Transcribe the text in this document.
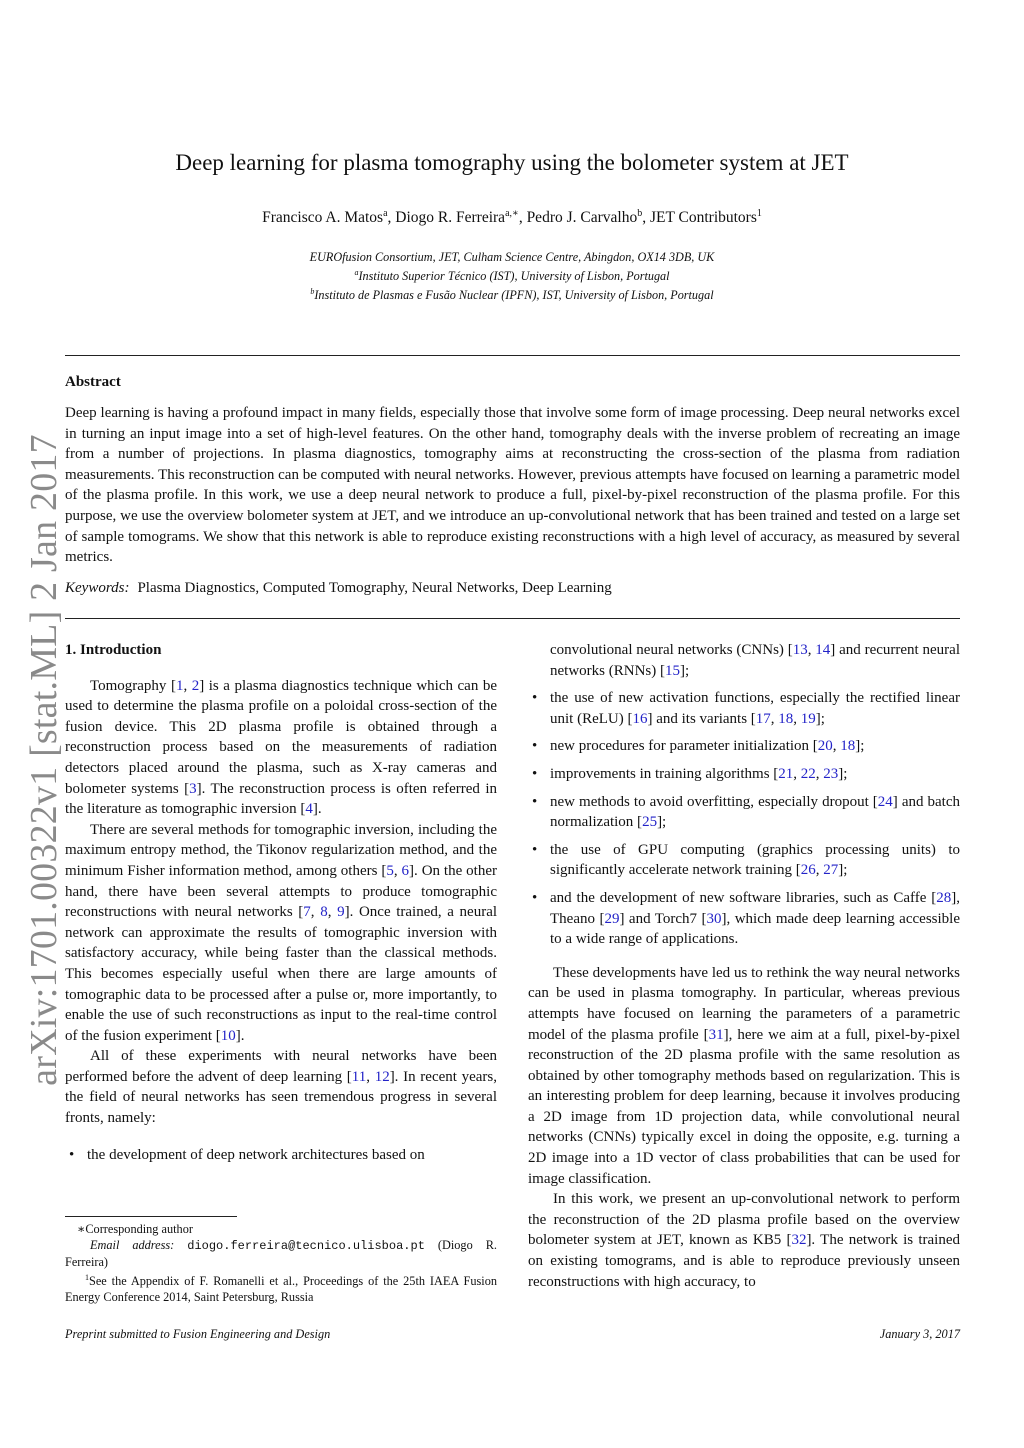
arXiv:1701.00322v1 [stat.ML] 2 Jan 2017
Deep learning for plasma tomography using the bolometer system at JET
Francisco A. Matos$^a$, Diogo R. Ferreira$^{a,∗}$, Pedro J. Carvalho$^b$, JET Contributors$^1$
EUROfusion Consortium, JET, Culham Science Centre, Abingdon, OX14 3DB, UK
$^a$Instituto Superior Técnico (IST), University of Lisbon, Portugal
$^b$Instituto de Plasmas e Fusão Nuclear (IPFN), IST, University of Lisbon, Portugal
Abstract
Deep learning is having a profound impact in many fields, especially those that involve some form of image processing. Deep neural networks excel in turning an input image into a set of high-level features. On the other hand, tomography deals with the inverse problem of recreating an image from a number of projections. In plasma diagnostics, tomography aims at reconstructing the cross-section of the plasma from radiation measurements. This reconstruction can be computed with neural networks. However, previous attempts have focused on learning a parametric model of the plasma profile. In this work, we use a deep neural network to produce a full, pixel-by-pixel reconstruction of the plasma profile. For this purpose, we use the overview bolometer system at JET, and we introduce an up-convolutional network that has been trained and tested on a large set of sample tomograms. We show that this network is able to reproduce existing reconstructions with a high level of accuracy, as measured by several metrics.
Keywords: Plasma Diagnostics, Computed Tomography, Neural Networks, Deep Learning
1. Introduction

Tomography [1, 2] is a plasma diagnostics technique which can be used to determine the plasma profile on a poloidal cross-section of the fusion device. This 2D plasma profile is obtained through a reconstruction process based on the measurements of radiation detectors placed around the plasma, such as X-ray cameras and bolometer systems [3]. The reconstruction process is often referred in the literature as tomographic inversion [4].

There are several methods for tomographic inversion, including the maximum entropy method, the Tikonov regularization method, and the minimum Fisher information method, among others [5, 6]. On the other hand, there have been several attempts to produce tomographic reconstructions with neural networks [7, 8, 9]. Once trained, a neural network can approximate the results of tomographic inversion with satisfactory accuracy, while being faster than the classical methods. This becomes especially useful when there are large amounts of tomographic data to be processed after a pulse or, more importantly, to enable the use of such reconstructions as input to the real-time control of the fusion experiment [10].

All of these experiments with neural networks have been performed before the advent of deep learning [11, 12]. In recent years, the field of neural networks has seen tremendous progress in several fronts, namely:

• the development of deep network architectures based on
convolutional neural networks (CNNs) [13, 14] and recurrent neural networks (RNNs) [15];
• the use of new activation functions, especially the rectified linear unit (ReLU) [16] and its variants [17, 18, 19];
• new procedures for parameter initialization [20, 18];
• improvements in training algorithms [21, 22, 23];
• new methods to avoid overfitting, especially dropout [24] and batch normalization [25];
• the use of GPU computing (graphics processing units) to significantly accelerate network training [26, 27];
• and the development of new software libraries, such as Caffe [28], Theano [29] and Torch7 [30], which made deep learning accessible to a wide range of applications.

These developments have led us to rethink the way neural networks can be used in plasma tomography. In particular, whereas previous attempts have focused on learning the parameters of a parametric model of the plasma profile [31], here we aim at a full, pixel-by-pixel reconstruction of the 2D plasma profile with the same resolution as obtained by other tomography methods based on regularization. This is an interesting problem for deep learning, because it involves producing a 2D image from 1D projection data, while convolutional neural networks (CNNs) typically excel in doing the opposite, e.g. turning a 2D image into a 1D vector of class probabilities that can be used for image classification.

In this work, we present an up-convolutional network to perform the reconstruction of the 2D plasma profile based on the overview bolometer system at JET, known as KB5 [32]. The network is trained on existing tomograms, and is able to reproduce previously unseen reconstructions with high accuracy, to

∗Corresponding author
Email address: diogo.ferreira@tecnico.ulisboa.pt (Diogo R. Ferreira)
$^1$See the Appendix of F. Romanelli et al., Proceedings of the 25th IAEA Fusion Energy Conference 2014, Saint Petersburg, Russia
Preprint submitted to Fusion Engineering and Design	January 3, 2017
